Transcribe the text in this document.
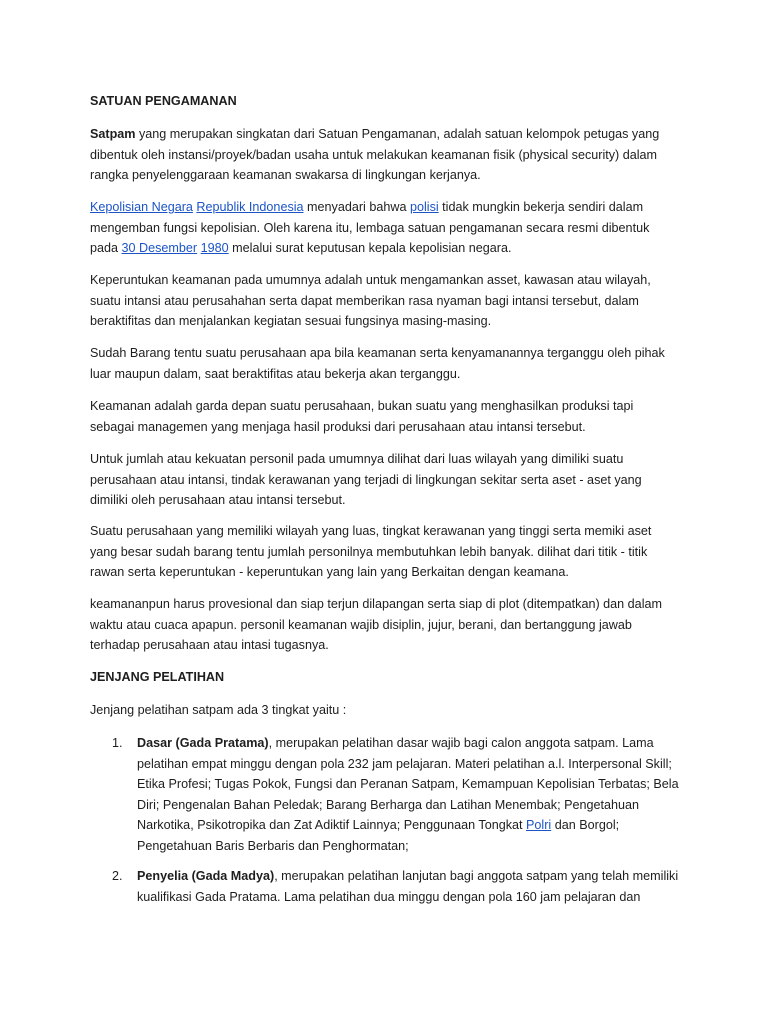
SATUAN PENGAMANAN

Satpam yang merupakan singkatan dari Satuan Pengamanan, adalah satuan kelompok petugas yang

dibentuk oleh instansi/proyek/badan usaha untuk melakukan keamanan fisik (physical security) dalam

rangka penyelenggaraan keamanan swakarsa di lingkungan kerjanya.

Kepolisian Negara Republik Indonesia menyadari bahwa polisi tidak mungkin bekerja sendiri dalam

mengemban fungsi kepolisian. Oleh karena itu, lembaga satuan pengamanan secara resmi dibentuk

pada 30 Desember 1980 melalui surat keputusan kepala kepolisian negara.

Keperuntukan keamanan pada umumnya adalah untuk mengamankan asset, kawasan atau wilayah,

suatu intansi atau perusahahan serta dapat memberikan rasa nyaman bagi intansi tersebut, dalam

beraktifitas dan menjalankan kegiatan sesuai fungsinya masing-masing.

Sudah Barang tentu suatu perusahaan apa bila keamanan serta kenyamanannya terganggu oleh pihak

luar maupun dalam, saat beraktifitas atau bekerja akan terganggu.

Keamanan adalah garda depan suatu perusahaan, bukan suatu yang menghasilkan produksi tapi

sebagai managemen yang menjaga hasil produksi dari perusahaan atau intansi tersebut.

Untuk jumlah atau kekuatan personil pada umumnya dilihat dari luas wilayah yang dimiliki suatu

perusahaan atau intansi, tindak kerawanan yang terjadi di lingkungan sekitar serta aset - aset yang

dimiliki oleh perusahaan atau intansi tersebut.

Suatu perusahaan yang memiliki wilayah yang luas, tingkat kerawanan yang tinggi serta memiki aset

yang besar sudah barang tentu jumlah personilnya membutuhkan lebih banyak. dilihat dari titik - titik

rawan serta keperuntukan - keperuntukan yang lain yang Berkaitan dengan keamana.

keamananpun harus provesional dan siap terjun dilapangan serta siap di plot (ditempatkan) dan dalam

waktu atau cuaca apapun. personil keamanan wajib disiplin, jujur, berani, dan bertanggung jawab

terhadap perusahaan atau intasi tugasnya.

JENJANG PELATIHAN

Jenjang pelatihan satpam ada 3 tingkat yaitu :

1. Dasar (Gada Pratama), merupakan pelatihan dasar wajib bagi calon anggota satpam. Lama

pelatihan empat minggu dengan pola 232 jam pelajaran. Materi pelatihan a.l. Interpersonal Skill;

Etika Profesi; Tugas Pokok, Fungsi dan Peranan Satpam, Kemampuan Kepolisian Terbatas; Bela

Diri; Pengenalan Bahan Peledak; Barang Berharga dan Latihan Menembak; Pengetahuan

Narkotika, Psikotropika dan Zat Adiktif Lainnya; Penggunaan Tongkat Polri dan Borgol;

Pengetahuan Baris Berbaris dan Penghormatan;

2. Penyelia (Gada Madya), merupakan pelatihan lanjutan bagi anggota satpam yang telah memiliki

kualifikasi Gada Pratama. Lama pelatihan dua minggu dengan pola 160 jam pelajaran dan
